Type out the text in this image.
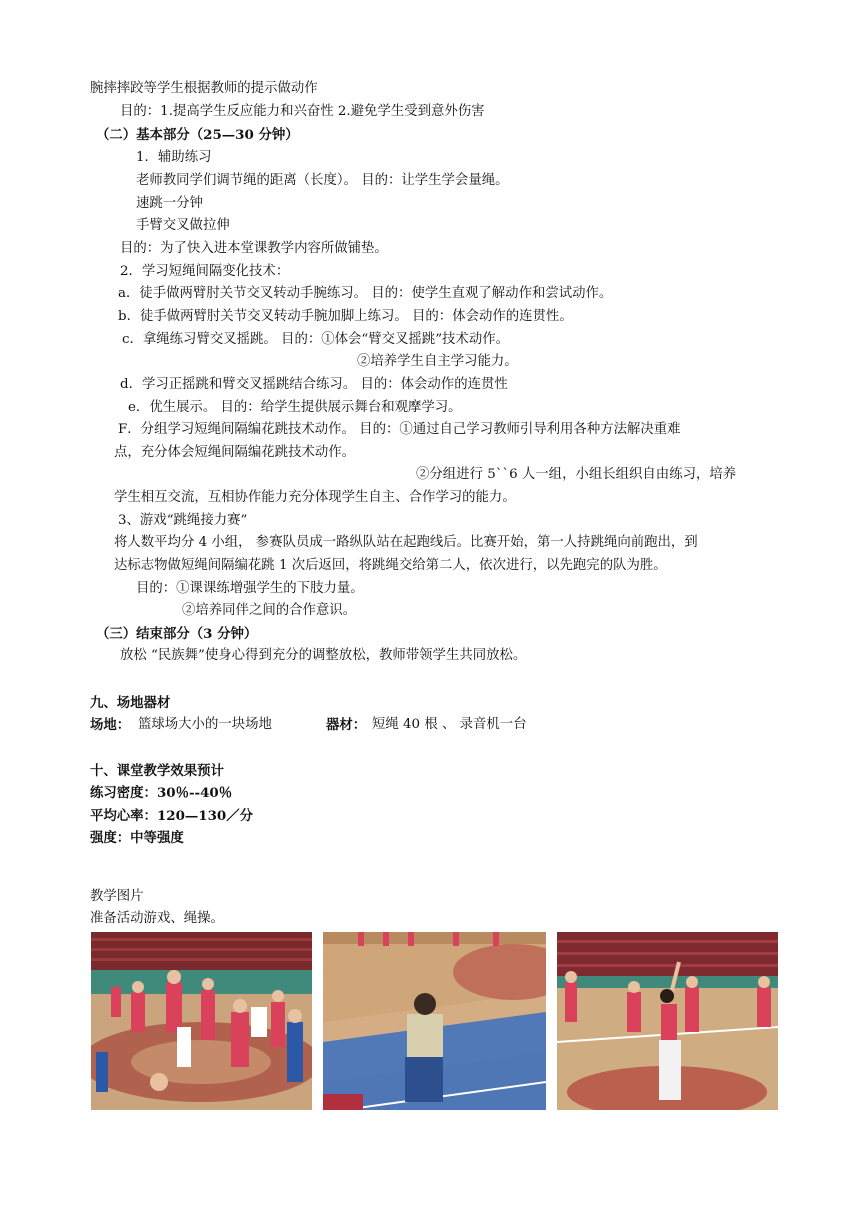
腕摔摔跤等学生根据教师的提示做动作
目的：1.提高学生反应能力和兴奋性 2.避免学生受到意外伤害
（二）基本部分（25—30 分钟）
1．辅助练习
老师教同学们调节绳的距离（长度）。 目的：让学生学会量绳。
速跳一分钟
手臂交叉做拉伸
目的：为了快入进本堂课教学内容所做铺垫。
2．学习短绳间隔变化技术：
a．徒手做两臂肘关节交叉转动手腕练习。 目的：使学生直观了解动作和尝试动作。
b．徒手做两臂肘关节交叉转动手腕加脚上练习。 目的：体会动作的连贯性。
c．拿绳练习臂交叉摇跳。 目的：①体会“臂交叉摇跳”技术动作。
②培养学生自主学习能力。
d．学习正摇跳和臂交叉摇跳结合练习。 目的：体会动作的连贯性
e．优生展示。 目的：给学生提供展示舞台和观摩学习。
F．分组学习短绳间隔编花跳技术动作。 目的：①通过自己学习教师引导利用各种方法解决重难
点，充分体会短绳间隔编花跳技术动作。
②分组进行 5``6 人一组，小组长组织自由练习，培养
学生相互交流，互相协作能力充分体现学生自主、合作学习的能力。
3、游戏“跳绳接力赛”
将人数平均分 4 小组， 参赛队员成一路纵队站在起跑线后。比赛开始，第一人持跳绳向前跑出，到
达标志物做短绳间隔编花跳 1 次后返回，将跳绳交给第二人，依次进行，以先跑完的队为胜。
目的：①课课练增强学生的下肢力量。
②培养同伴之间的合作意识。
（三）结束部分（3 分钟）
放松 “民族舞”使身心得到充分的调整放松，教师带领学生共同放松。
九、场地器材
场地： 篮球场大小的一块场地	器材： 短绳 40 根 、 录音机一台
十、课堂教学效果预计
练习密度：30％--40％
平均心率：120—130／分
强度：中等强度
教学图片
准备活动游戏、绳操。
